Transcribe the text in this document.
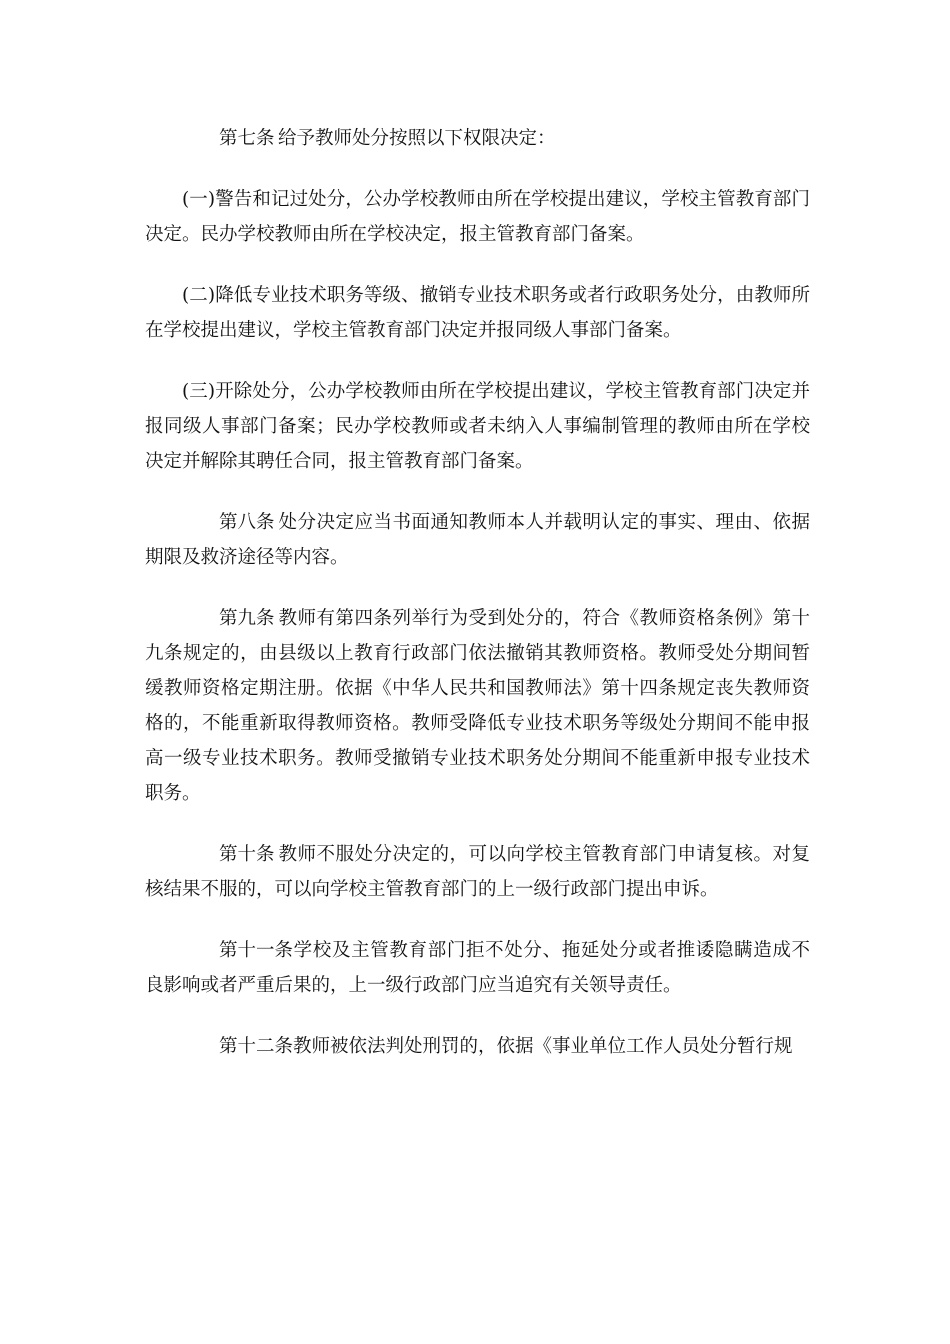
第七条 给予教师处分按照以下权限决定：

(一)警告和记过处分，公办学校教师由所在学校提出建议，学校主管教育部门决定。民办学校教师由所在学校决定，报主管教育部门备案。

(二)降低专业技术职务等级、撤销专业技术职务或者行政职务处分，由教师所在学校提出建议，学校主管教育部门决定并报同级人事部门备案。

(三)开除处分，公办学校教师由所在学校提出建议，学校主管教育部门决定并报同级人事部门备案；民办学校教师或者未纳入人事编制管理的教师由所在学校决定并解除其聘任合同，报主管教育部门备案。

第八条 处分决定应当书面通知教师本人并载明认定的事实、理由、依据期限及救济途径等内容。

第九条 教师有第四条列举行为受到处分的，符合《教师资格条例》第十九条规定的，由县级以上教育行政部门依法撤销其教师资格。教师受处分期间暂缓教师资格定期注册。依据《中华人民共和国教师法》第十四条规定丧失教师资格的，不能重新取得教师资格。教师受降低专业技术职务等级处分期间不能申报高一级专业技术职务。教师受撤销专业技术职务处分期间不能重新申报专业技术职务。

第十条 教师不服处分决定的，可以向学校主管教育部门申请复核。对复核结果不服的，可以向学校主管教育部门的上一级行政部门提出申诉。

第十一条学校及主管教育部门拒不处分、拖延处分或者推诿隐瞒造成不良影响或者严重后果的，上一级行政部门应当追究有关领导责任。

第十二条教师被依法判处刑罚的，依据《事业单位工作人员处分暂行规
